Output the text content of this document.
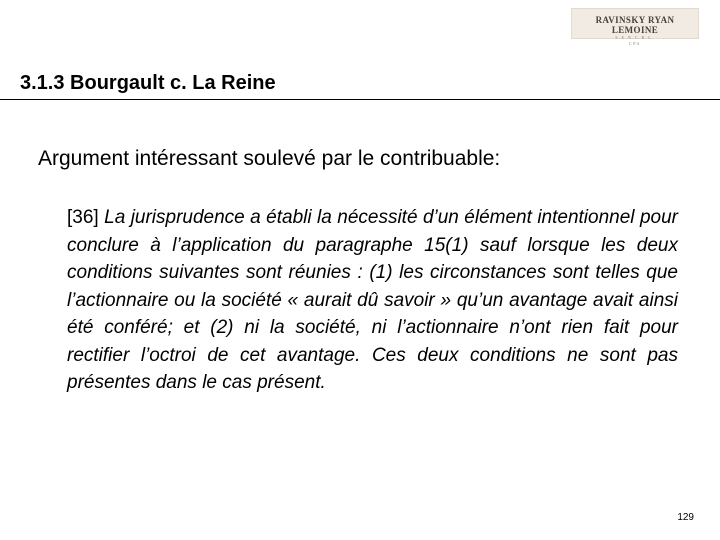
RAVINSKY RYAN LEMOINE
S.E.N.C.R.L.
CPA
3.1.3 Bourgault c. La Reine

Argument intéressant soulevé par le contribuable:

[36] La jurisprudence a établi la nécessité d’un élément intentionnel pour conclure à l’application du paragraphe 15(1) sauf lorsque les deux conditions suivantes sont réunies : (1) les circonstances sont telles que l’actionnaire ou la société « aurait dû savoir » qu’un avantage avait ainsi été conféré; et (2) ni la société, ni l’actionnaire n’ont rien fait pour rectifier l’octroi de cet avantage. Ces deux conditions ne sont pas présentes dans le cas présent.

129
